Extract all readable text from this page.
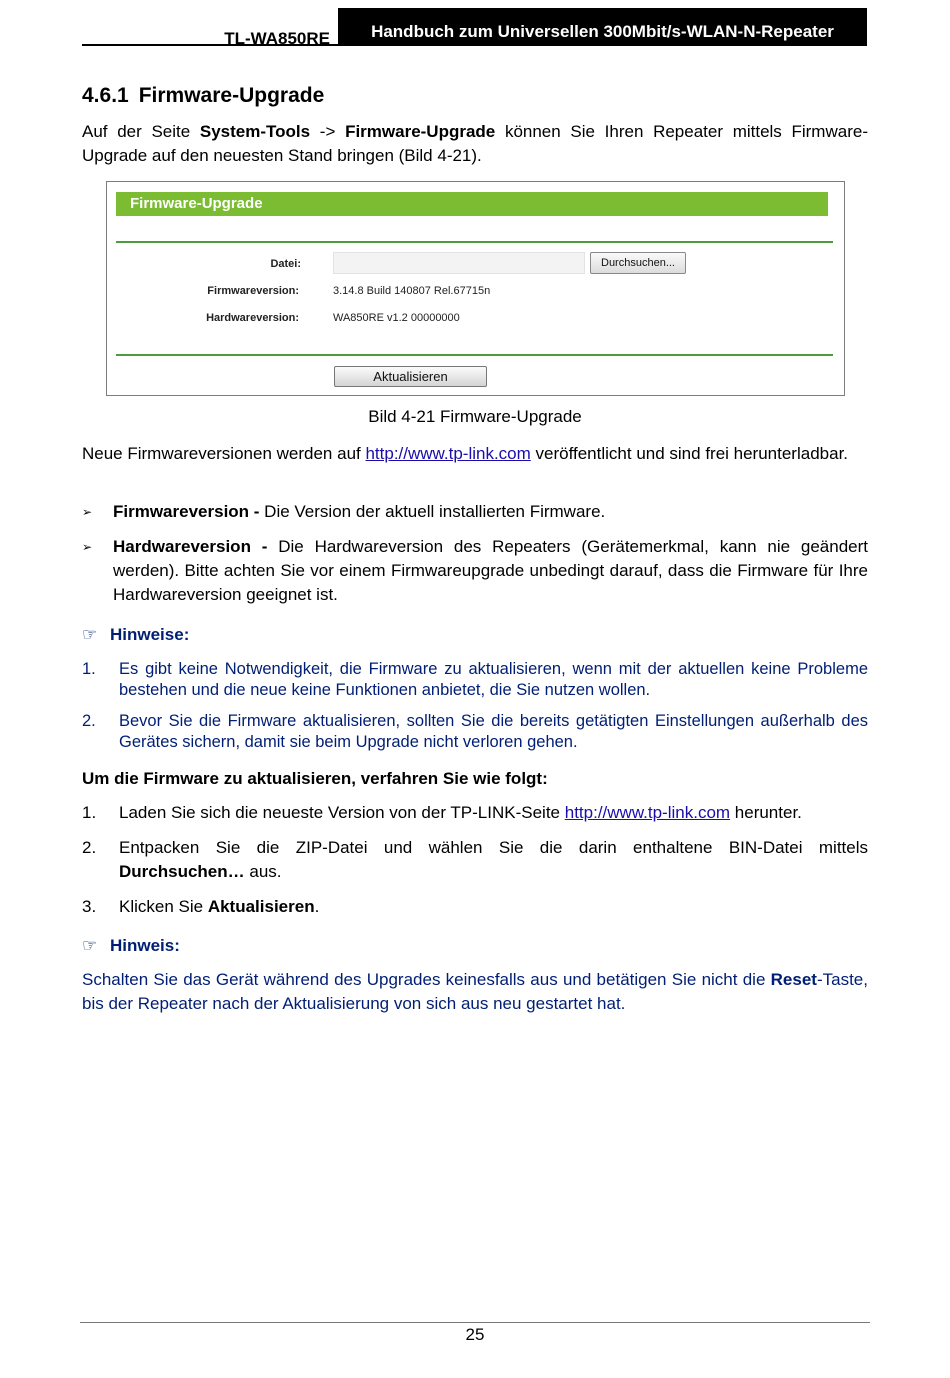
TL-WA850RE	Handbuch zum Universellen 300Mbit/s-WLAN-N-Repeater
4.6.1 Firmware-Upgrade
Auf der Seite System-Tools -> Firmware-Upgrade können Sie Ihren Repeater mittels Firmware-Upgrade auf den neuesten Stand bringen (Bild 4-21).
Firmware-Upgrade
Datei:	Durchsuchen...
Firmwareversion:	3.14.8 Build 140807 Rel.67715n
Hardwareversion:	WA850RE v1.2 00000000
Aktualisieren
Bild 4-21 Firmware-Upgrade
Neue Firmwareversionen werden auf http://www.tp-link.com veröffentlicht und sind frei herunterladbar.
➢ Firmwareversion - Die Version der aktuell installierten Firmware.
➢ Hardwareversion - Die Hardwareversion des Repeaters (Gerätemerkmal, kann nie geändert werden). Bitte achten Sie vor einem Firmwareupgrade unbedingt darauf, dass die Firmware für Ihre Hardwareversion geeignet ist.
☞ Hinweise:
1. Es gibt keine Notwendigkeit, die Firmware zu aktualisieren, wenn mit der aktuellen keine Probleme bestehen und die neue keine Funktionen anbietet, die Sie nutzen wollen.
2. Bevor Sie die Firmware aktualisieren, sollten Sie die bereits getätigten Einstellungen außerhalb des Gerätes sichern, damit sie beim Upgrade nicht verloren gehen.
Um die Firmware zu aktualisieren, verfahren Sie wie folgt:
1. Laden Sie sich die neueste Version von der TP-LINK-Seite http://www.tp-link.com herunter.
2. Entpacken Sie die ZIP-Datei und wählen Sie die darin enthaltene BIN-Datei mittels Durchsuchen… aus.
3. Klicken Sie Aktualisieren.
☞ Hinweis:
Schalten Sie das Gerät während des Upgrades keinesfalls aus und betätigen Sie nicht die Reset-Taste, bis der Repeater nach der Aktualisierung von sich aus neu gestartet hat.
25
